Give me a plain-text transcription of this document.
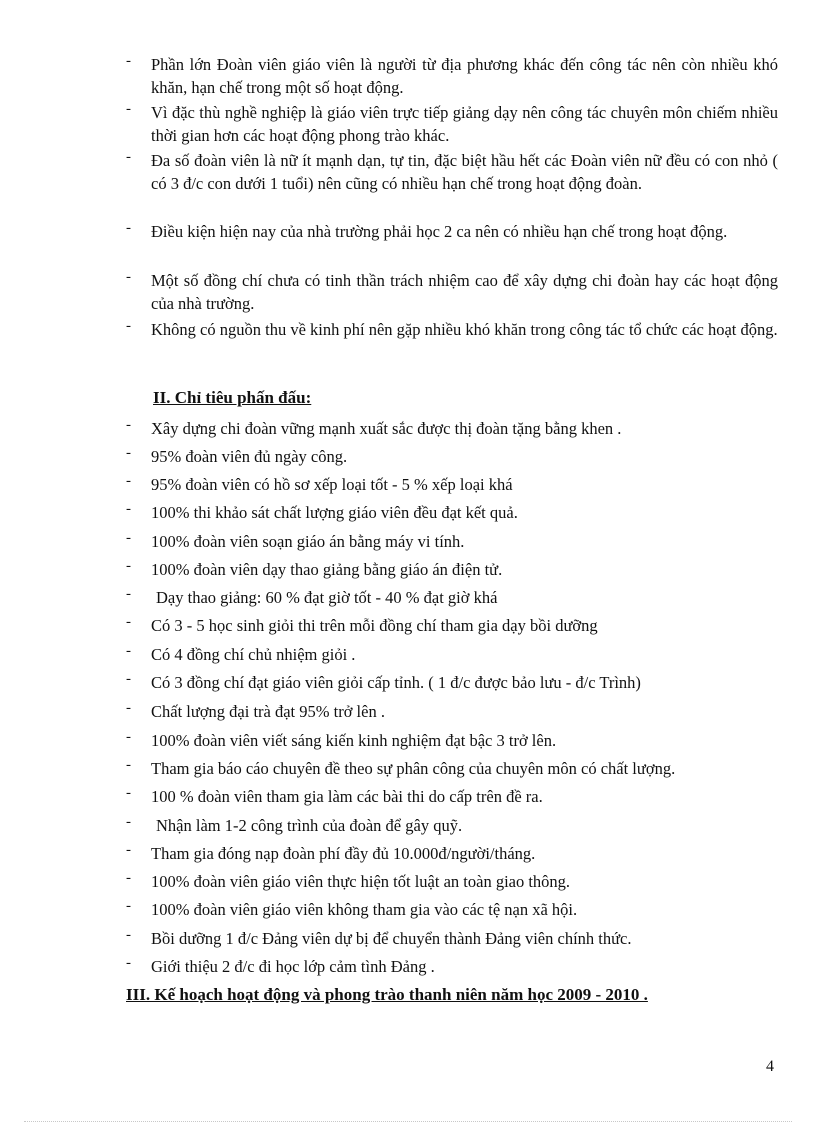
- Phần lớn Đoàn viên giáo viên là người từ địa phương khác đến công tác nên còn nhiều khó khăn, hạn chế trong một số hoạt động.
- Vì đặc thù nghề nghiệp là giáo viên trực tiếp giảng dạy nên công tác chuyên môn chiếm nhiều thời gian hơn các hoạt động phong trào khác.
- Đa số đoàn viên là nữ ít mạnh dạn, tự tin, đặc biệt hầu hết các Đoàn viên nữ đều có con nhỏ ( có 3 đ/c con dưới 1 tuổi) nên cũng có nhiều hạn chế trong hoạt động đoàn.
- Điều kiện hiện nay của nhà trường phải học 2 ca nên có nhiều hạn chế trong hoạt động.
- Một số đồng chí chưa có tinh thần trách nhiệm cao để xây dựng chi đoàn hay các hoạt động của nhà trường.
- Không có nguồn thu về kinh phí nên gặp nhiều khó khăn trong công tác tổ chức các hoạt động.
II. Chỉ tiêu phấn đấu:
- Xây dựng chi đoàn vững mạnh xuất sắc được thị đoàn tặng bằng khen .
- 95% đoàn viên đủ ngày công.
- 95% đoàn viên có hồ sơ xếp loại tốt - 5 % xếp loại khá
- 100% thi khảo sát chất lượng giáo viên đều đạt kết quả.
- 100% đoàn viên soạn giáo án bằng máy vi tính.
- 100% đoàn viên dạy thao giảng bằng giáo án điện tử.
- Dạy thao giảng: 60 % đạt giờ tốt - 40 % đạt giờ khá
- Có 3 - 5 học sinh giỏi thi trên mỗi đồng chí tham gia dạy bồi dưỡng
- Có 4 đồng chí chủ nhiệm giỏi .
- Có 3 đồng chí đạt giáo viên giỏi cấp tỉnh. ( 1 đ/c được bảo lưu - đ/c Trình)
- Chất lượng đại trà đạt 95% trở lên .
- 100% đoàn viên viết sáng kiến kinh nghiệm đạt bậc 3 trở lên.
- Tham gia báo cáo chuyên đề theo sự phân công của chuyên môn có chất lượng.
- 100 % đoàn viên tham gia làm các bài thi do cấp trên đề ra.
- Nhận làm 1-2 công trình của đoàn để gây quỹ.
- Tham gia đóng nạp đoàn phí đầy đủ 10.000đ/người/tháng.
- 100% đoàn viên giáo viên thực hiện tốt luật an toàn giao thông.
- 100% đoàn viên giáo viên không tham gia vào các tệ nạn xã hội.
- Bồi dưỡng 1 đ/c Đảng viên dự bị để chuyển thành Đảng viên chính thức.
- Giới thiệu 2 đ/c đi học lớp cảm tình Đảng .
III. Kế hoạch hoạt động và phong trào thanh niên năm học 2009 - 2010 .
4
